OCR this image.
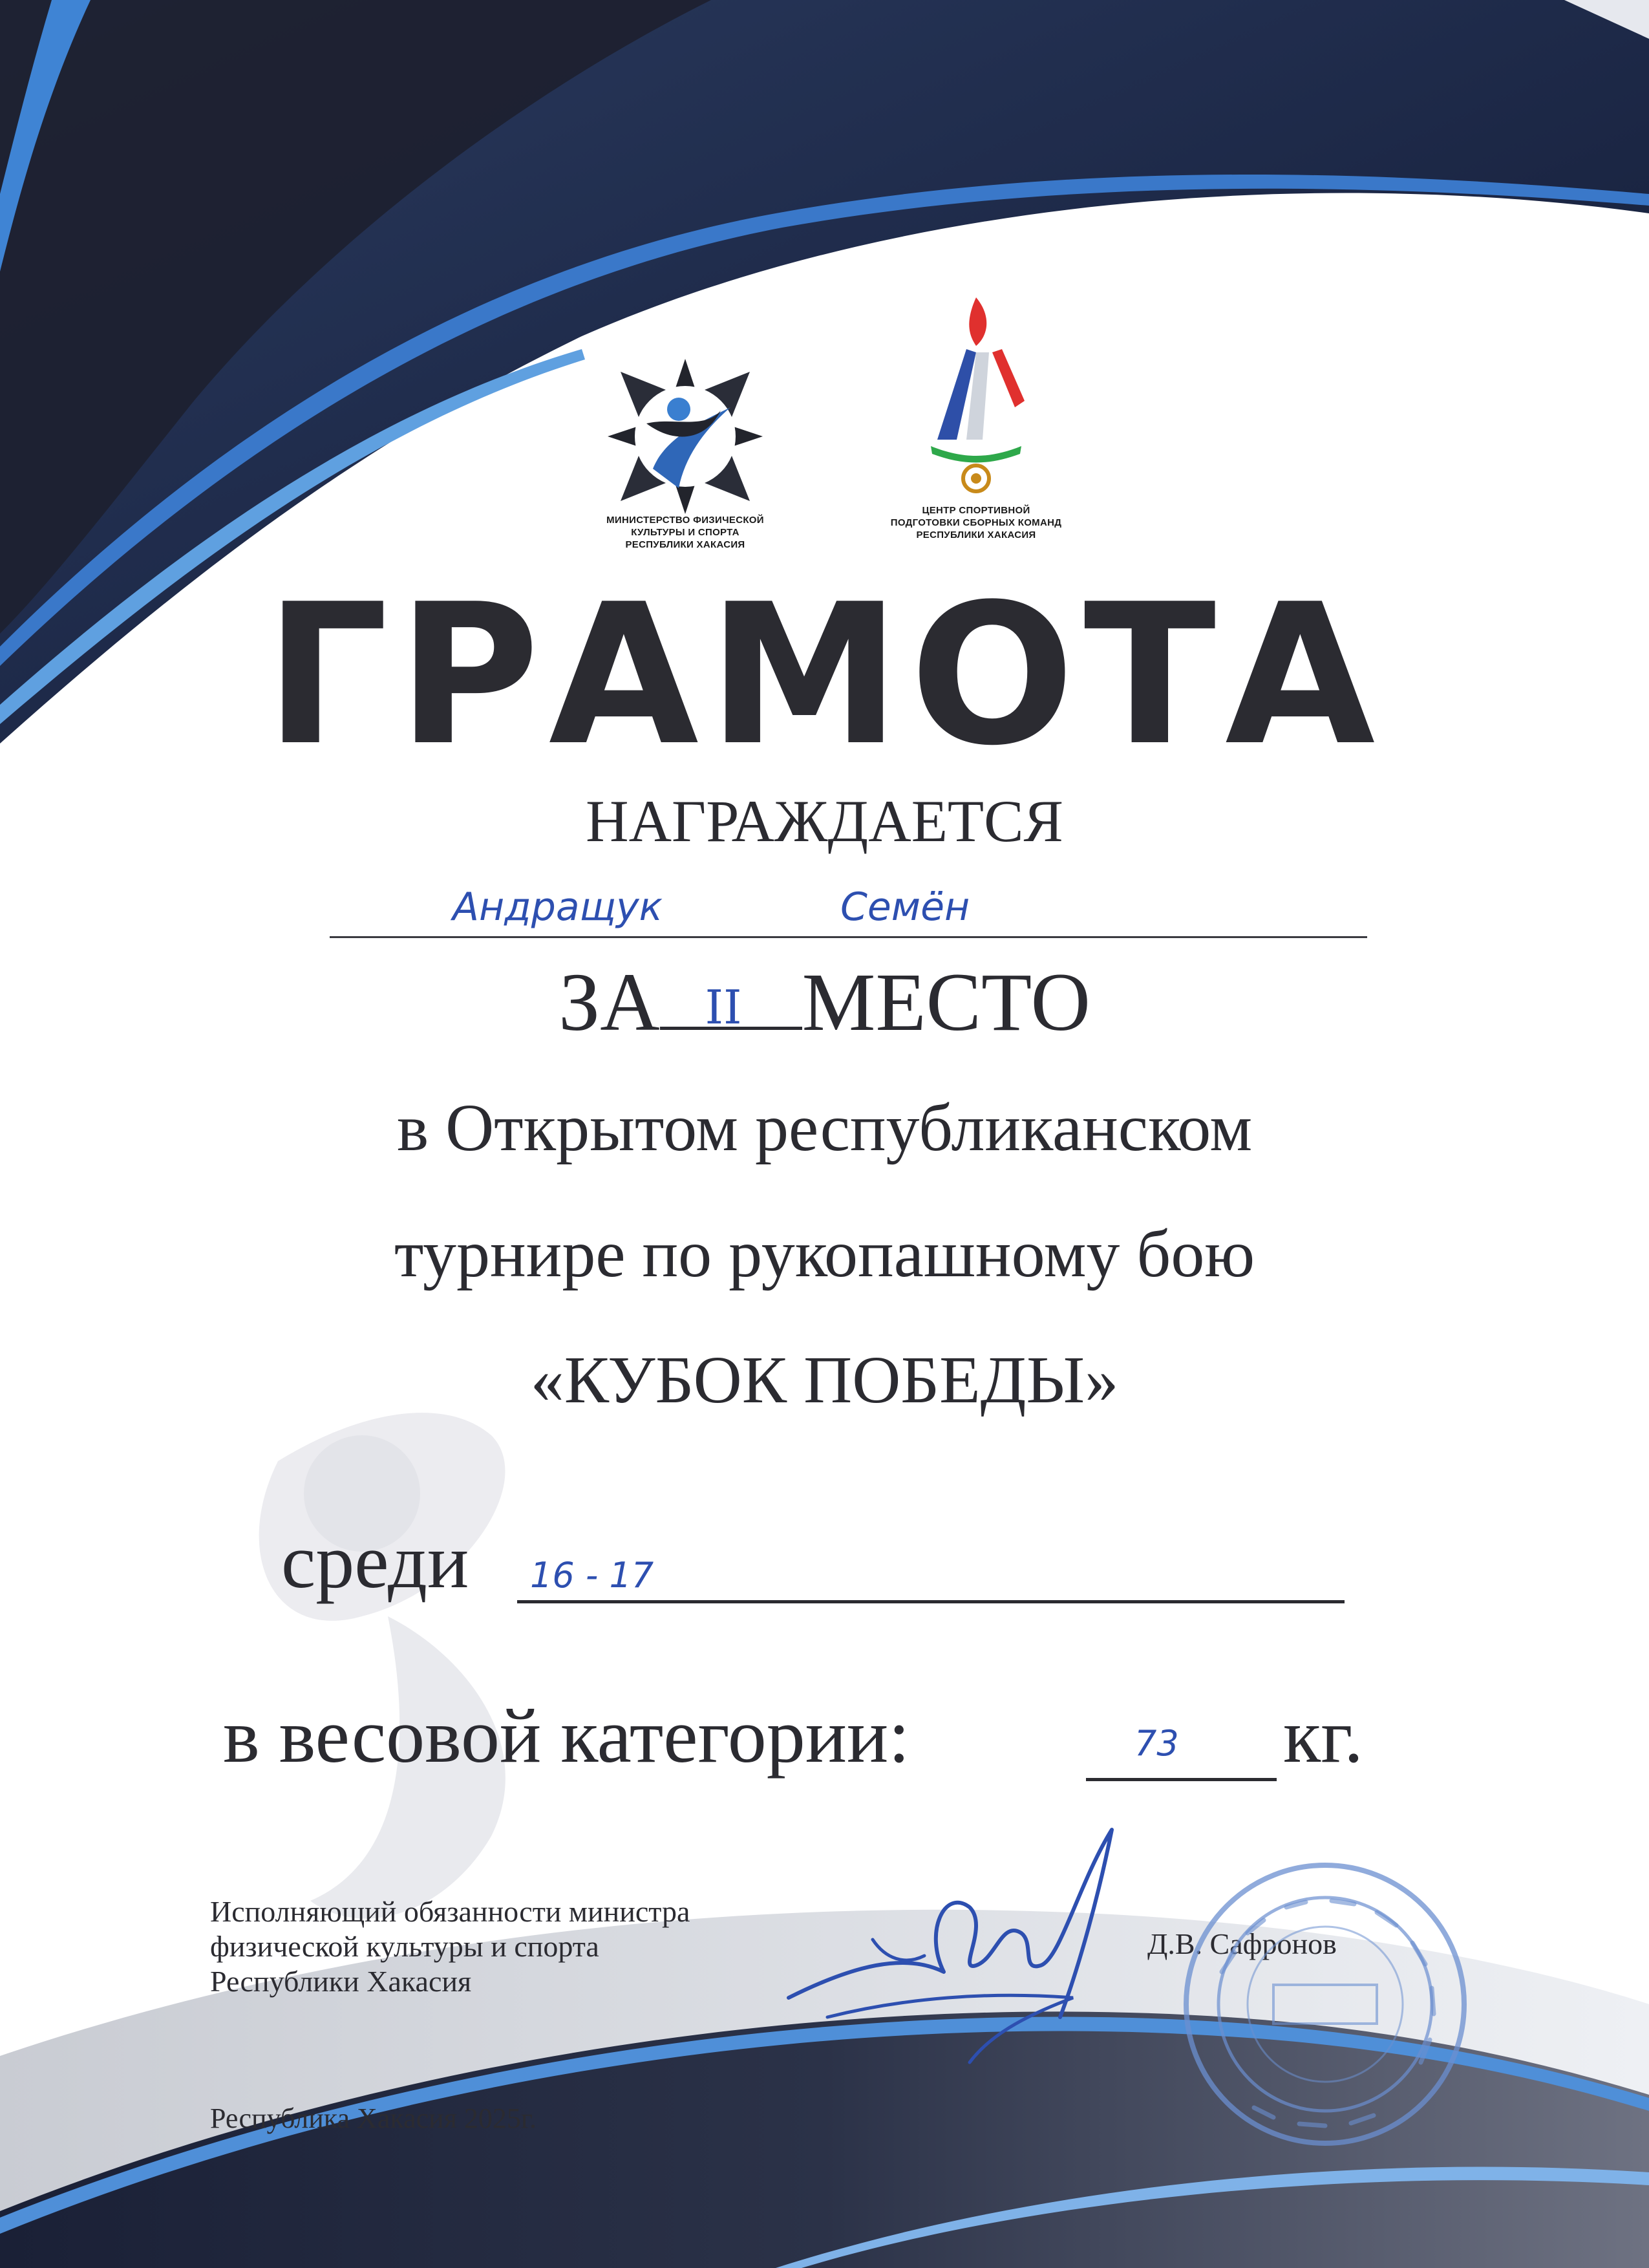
МИНИСТЕРСТВО ФИЗИЧЕСКОЙ
КУЛЬТУРЫ И СПОРТА
РЕСПУБЛИКИ ХАКАСИЯ
ЦЕНТР СПОРТИВНОЙ
ПОДГОТОВКИ СБОРНЫХ КОМАНД
РЕСПУБЛИКИ ХАКАСИЯ
ГРАМОТА
НАГРАЖДАЕТСЯ
Андращук	Семён
ЗА II МЕСТО
в Открытом республиканском
турнире по рукопашному бою
«КУБОК ПОБЕДЫ»
среди 16 - 17
в весовой категории:	73 кг.
Исполняющий обязанности министра
физической культуры и спорта
Республики Хакасия
Д.В. Сафронов
Республика Хакасия 2025г.
